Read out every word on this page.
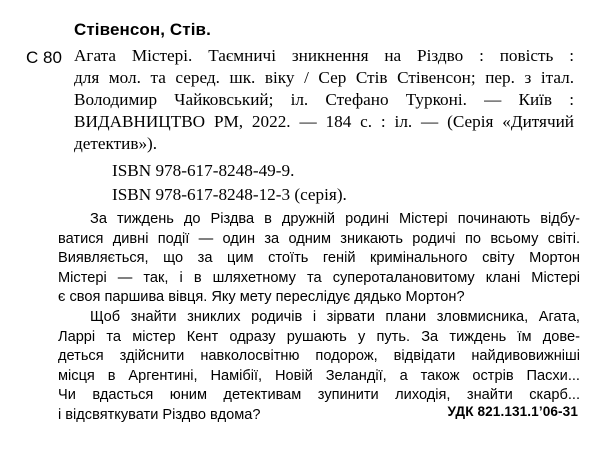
Стівенсон, Стів.
С 80 Агата Містері. Таємничі зникнення на Різдво : повість :
для мол. та серед. шк. віку / Сер Стів Стівенсон; пер. з італ.
Володимир Чайковський; іл. Стефано Турконі. — Київ :
ВИДАВНИЦТВО РМ, 2022. — 184 с. : іл. — (Серія «Дитячий
детектив»).
ISBN 978-617-8248-49-9.
ISBN 978-617-8248-12-3 (серія).
За тиждень до Різдва в дружній родині Містері починають відбу-
ватися дивні події — один за одним зникають родичі по всьому світі.
Виявляється, що за цим стоїть геній кримінального світу Мортон
Містері — так, і в шляхетному та супероталановитому клані Містері
є своя паршива вівця. Яку мету переслідує дядько Мортон?
Щоб знайти зниклих родичів і зірвати плани зловмисника, Агата,
Ларрі та містер Кент одразу рушають у путь. За тиждень їм дове-
деться здійснити навколосвітню подорож, відвідати найдивовижніші
місця в Аргентині, Намібії, Новій Зеландії, а також острів Пасхи...
Чи вдасться юним детективам зупинити лиходія, знайти скарб...
і відсвяткувати Різдво вдома?	УДК 821.131.1’06-31
